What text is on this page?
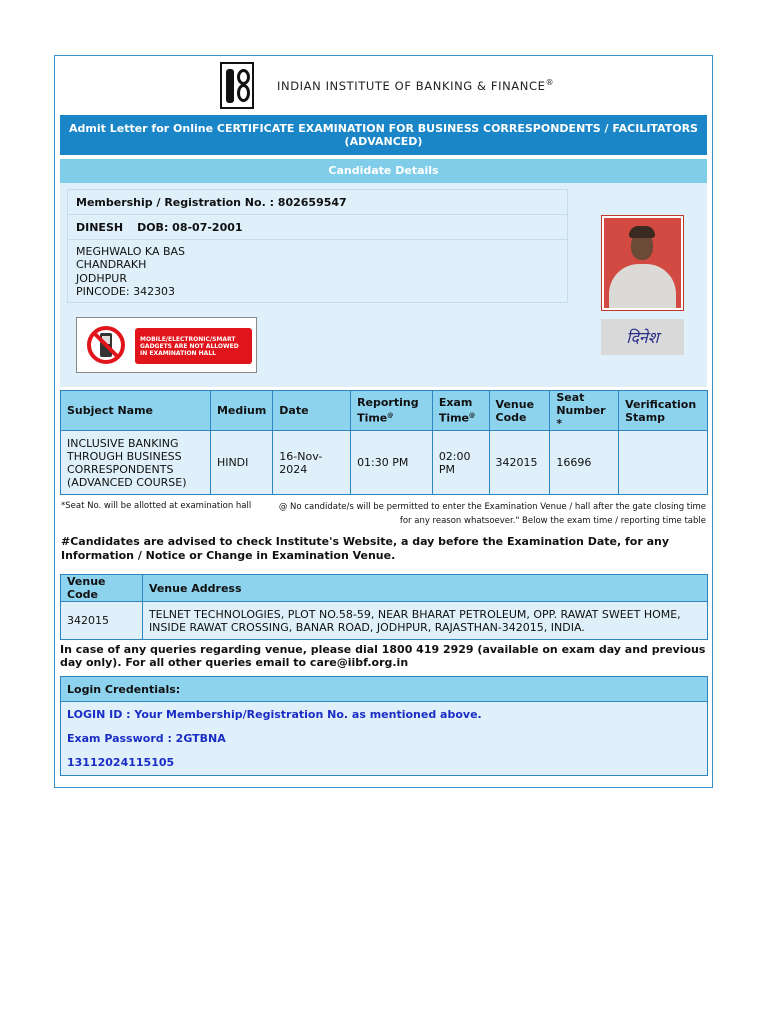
INDIAN INSTITUTE OF BANKING & FINANCE®
Admit Letter for Online CERTIFICATE EXAMINATION FOR BUSINESS CORRESPONDENTS / FACILITATORS (ADVANCED)
Candidate Details
Membership / Registration No. : 802659547
DINESH DOB: 08-07-2001
MEGHWALO KA BAS
CHANDRAKH
JODHPUR
PINCODE: 342303
MOBILE/ELECTRONIC/SMART
GADGETS ARE NOT ALLOWED
IN EXAMINATION HALL
दिनेश
Subject Name	Medium	Date	Reporting Time@	Exam Time@	Venue Code	Seat Number *	Verification Stamp
INCLUSIVE BANKING THROUGH BUSINESS CORRESPONDENTS (ADVANCED COURSE)	HINDI	16-Nov-2024	01:30 PM	02:00 PM	342015	16696	
*Seat No. will be allotted at examination hall	@ No candidate/s will be permitted to enter the Examination Venue / hall after the gate closing time for any reason whatsoever." Below the exam time / reporting time table
#Candidates are advised to check Institute's Website, a day before the Examination Date, for any Information / Notice or Change in Examination Venue.
Venue Code	Venue Address
342015	TELNET TECHNOLOGIES, PLOT NO.58-59, NEAR BHARAT PETROLEUM, OPP. RAWAT SWEET HOME, INSIDE RAWAT CROSSING, BANAR ROAD, JODHPUR, RAJASTHAN-342015, INDIA.
In case of any queries regarding venue, please dial 1800 419 2929 (available on exam day and previous day only). For all other queries email to care@iibf.org.in
Login Credentials:
LOGIN ID : Your Membership/Registration No. as mentioned above.
Exam Password : 2GTBNA
13112024115105
